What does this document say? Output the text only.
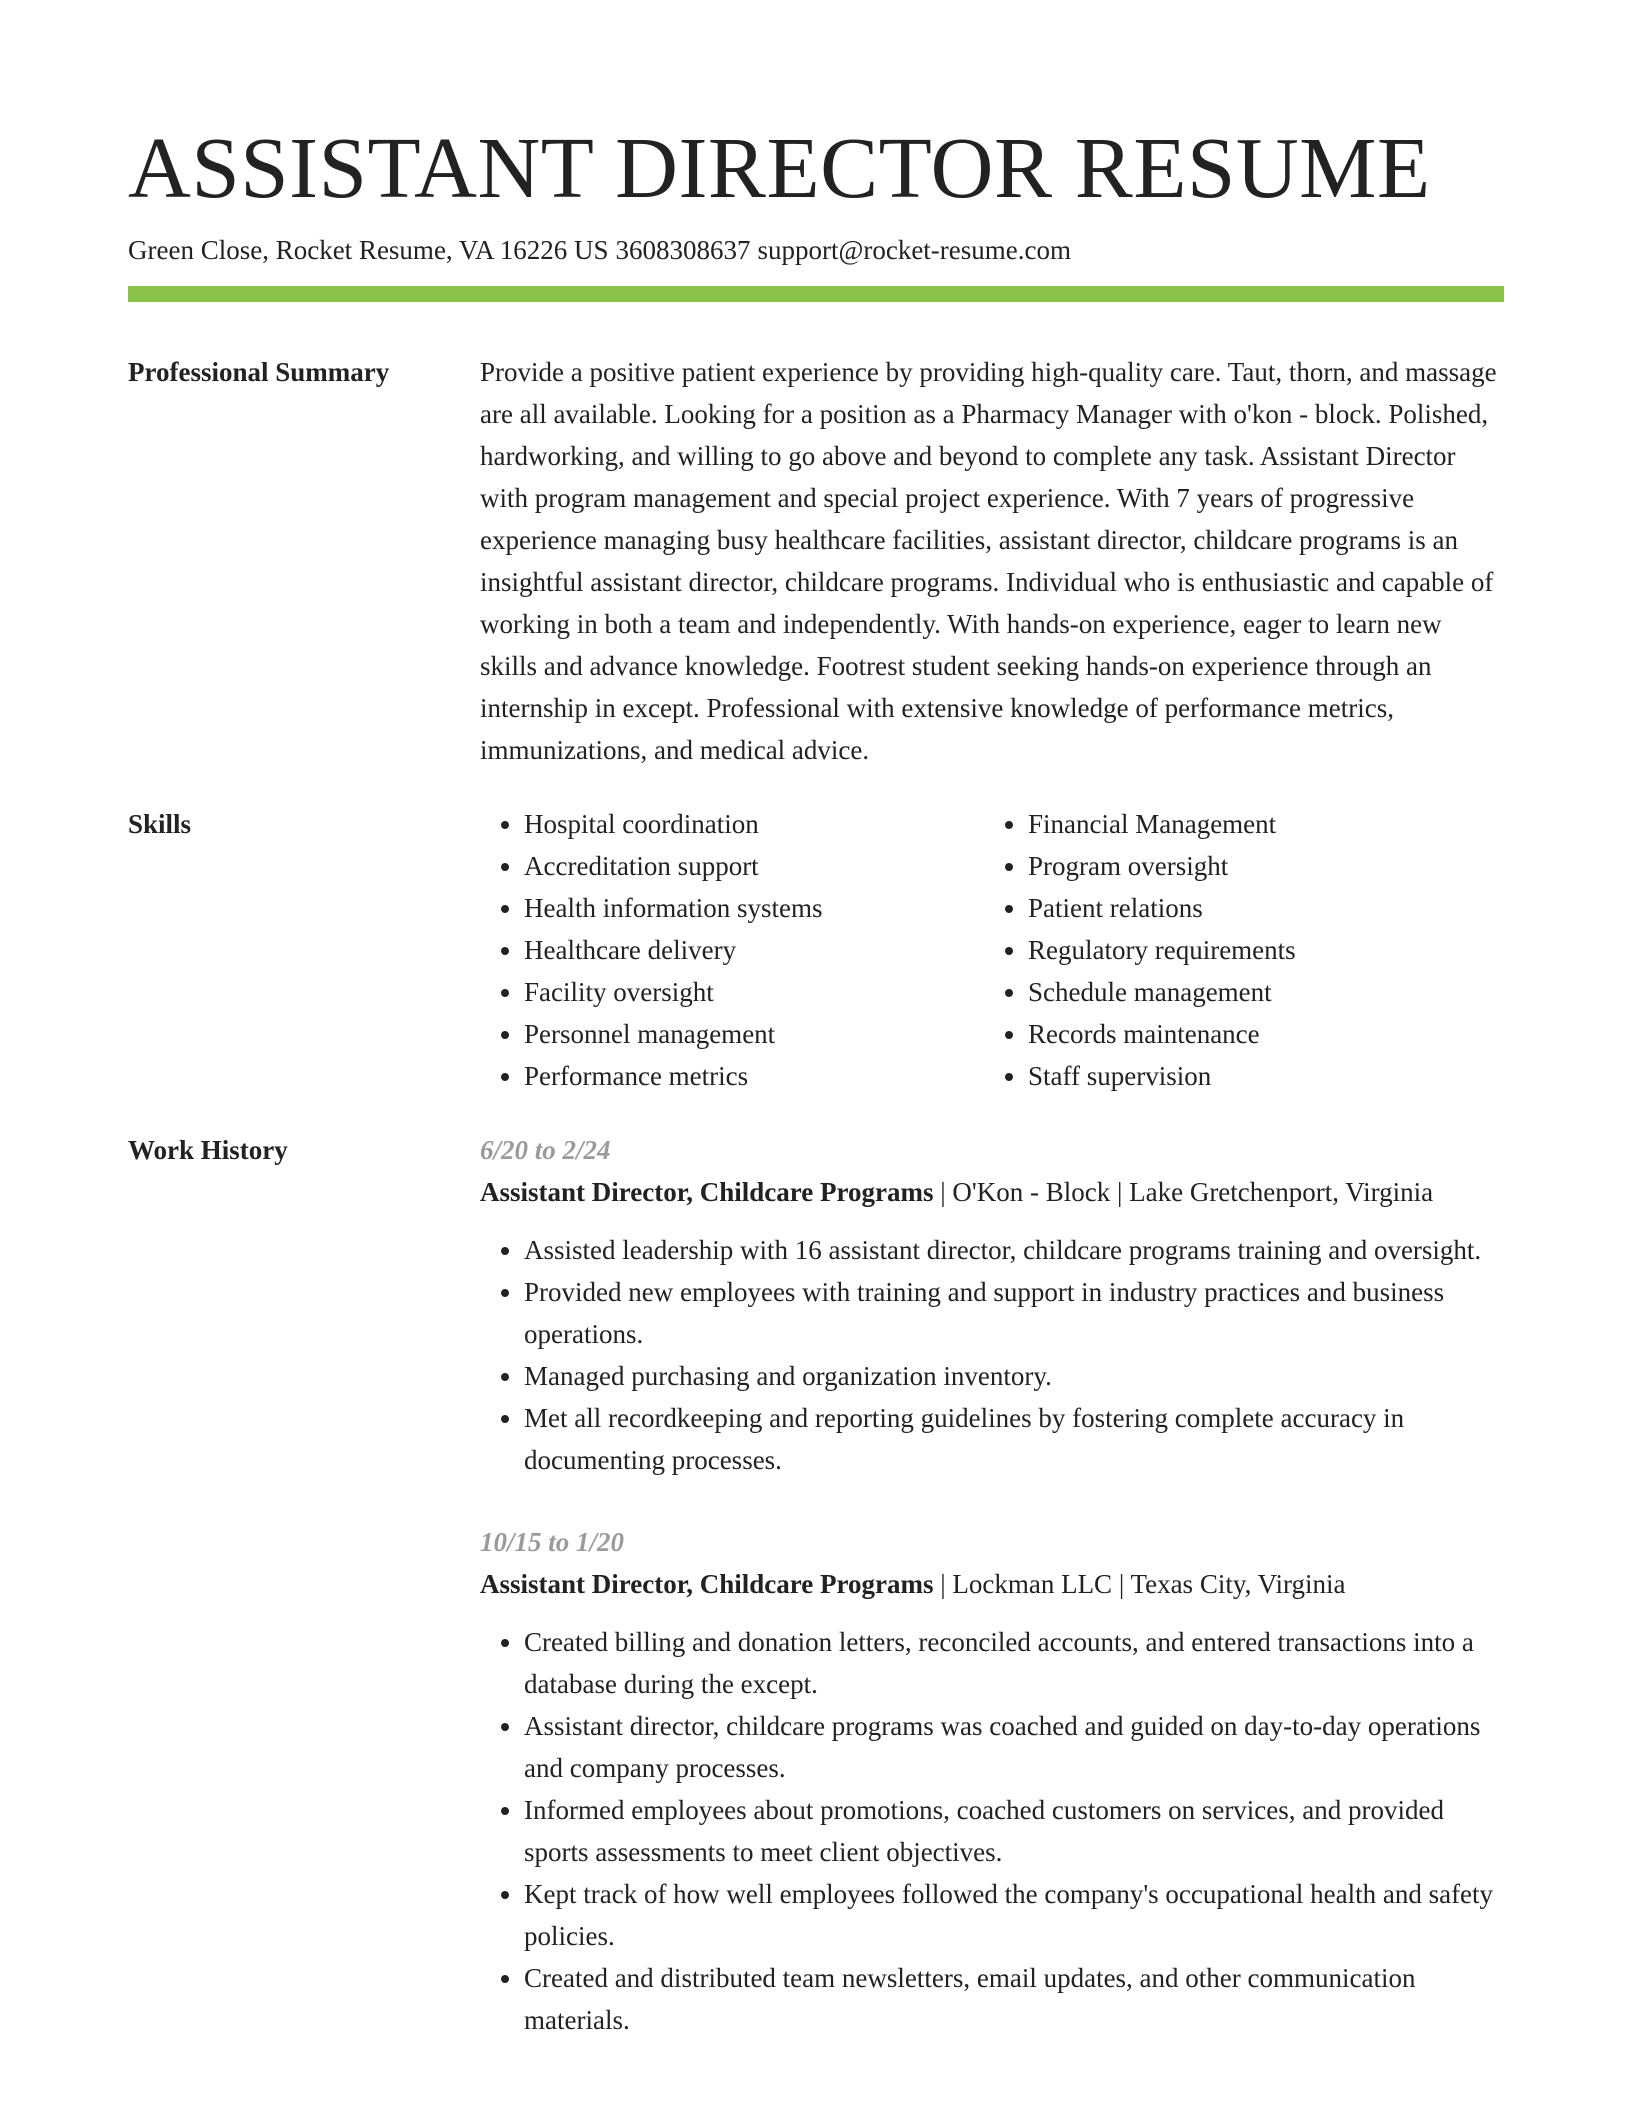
ASSISTANT DIRECTOR RESUME
Green Close, Rocket Resume, VA 16226 US 3608308637 support@rocket-resume.com
Professional Summary	Provide a positive patient experience by providing high-quality care. Taut, thorn, and massage are all available. Looking for a position as a Pharmacy Manager with o'kon - block. Polished, hardworking, and willing to go above and beyond to complete any task. Assistant Director with program management and special project experience. With 7 years of progressive experience managing busy healthcare facilities, assistant director, childcare programs is an insightful assistant director, childcare programs. Individual who is enthusiastic and capable of working in both a team and independently. With hands-on experience, eager to learn new skills and advance knowledge. Footrest student seeking hands-on experience through an internship in except. Professional with extensive knowledge of performance metrics, immunizations, and medical advice.
Skills
•	Hospital coordination
• Accreditation support
• Health information systems
• Healthcare delivery
• Facility oversight
• Personnel management
• Performance metrics
• Financial Management
• Program oversight
• Patient relations
• Regulatory requirements
• Schedule management
• Records maintenance
• Staff supervision
Work History	6/20 to 2/24
Assistant Director, Childcare Programs | O'Kon - Block | Lake Gretchenport, Virginia
• Assisted leadership with 16 assistant director, childcare programs training and oversight.
• Provided new employees with training and support in industry practices and business operations.
• Managed purchasing and organization inventory.
• Met all recordkeeping and reporting guidelines by fostering complete accuracy in documenting processes.
10/15 to 1/20
Assistant Director, Childcare Programs | Lockman LLC | Texas City, Virginia
• Created billing and donation letters, reconciled accounts, and entered transactions into a database during the except.
• Assistant director, childcare programs was coached and guided on day-to-day operations and company processes.
• Informed employees about promotions, coached customers on services, and provided sports assessments to meet client objectives.
• Kept track of how well employees followed the company's occupational health and safety policies.
• Created and distributed team newsletters, email updates, and other communication materials.
